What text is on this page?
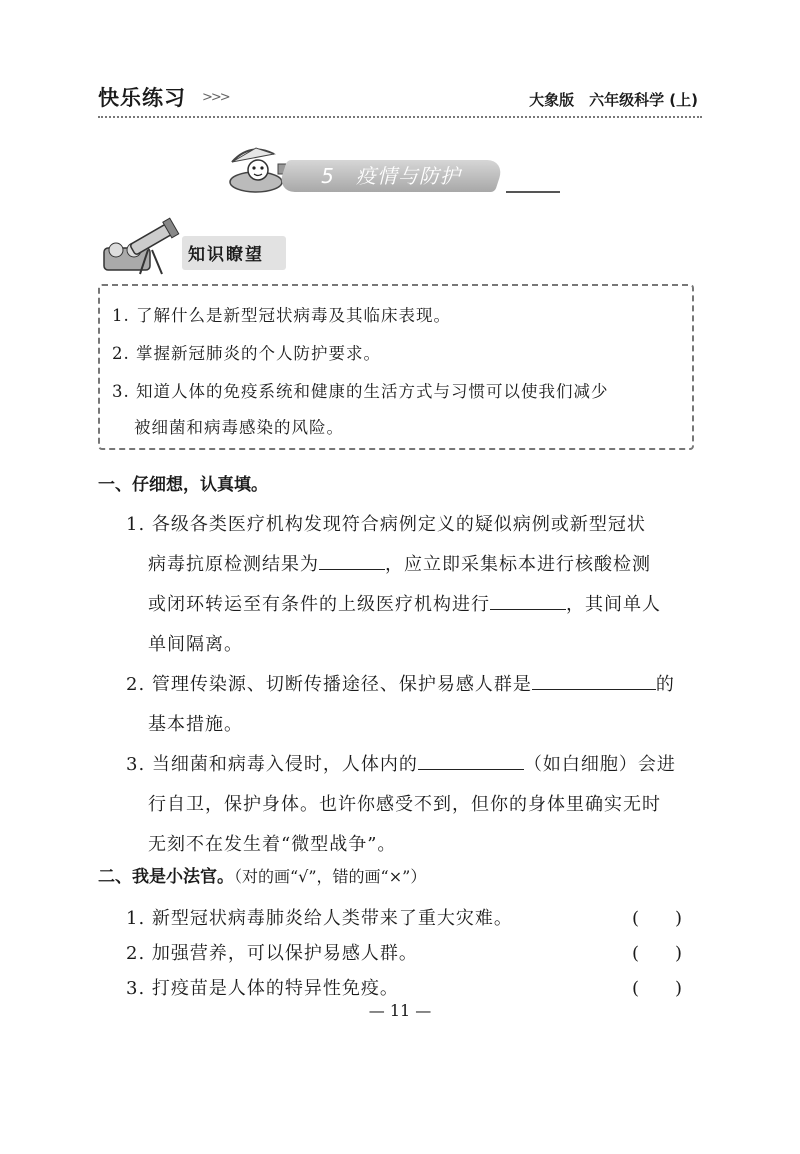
快乐练习 >>>	大象版　六年级科学 (上)
5　疫情与防护
知识瞭望
1. 了解什么是新型冠状病毒及其临床表现。
2. 掌握新冠肺炎的个人防护要求。
3. 知道人体的免疫系统和健康的生活方式与习惯可以使我们减少
被细菌和病毒感染的风险。
一、仔细想，认真填。
1. 各级各类医疗机构发现符合病例定义的疑似病例或新型冠状
病毒抗原检测结果为	，应立即采集标本进行核酸检测
或闭环转运至有条件的上级医疗机构进行	，其间单人
单间隔离。
2. 管理传染源、切断传播途径、保护易感人群是	的
基本措施。
3. 当细菌和病毒入侵时，人体内的	（如白细胞）会进
行自卫，保护身体。也许你感受不到，但你的身体里确实无时
无刻不在发生着“微型战争”。
二、我是小法官。（对的画“√”，错的画“×”）
1. 新型冠状病毒肺炎给人类带来了重大灾难。	(　　)
2. 加强营养，可以保护易感人群。	(　　)
3. 打疫苗是人体的特异性免疫。	(　　)
— 11 —
